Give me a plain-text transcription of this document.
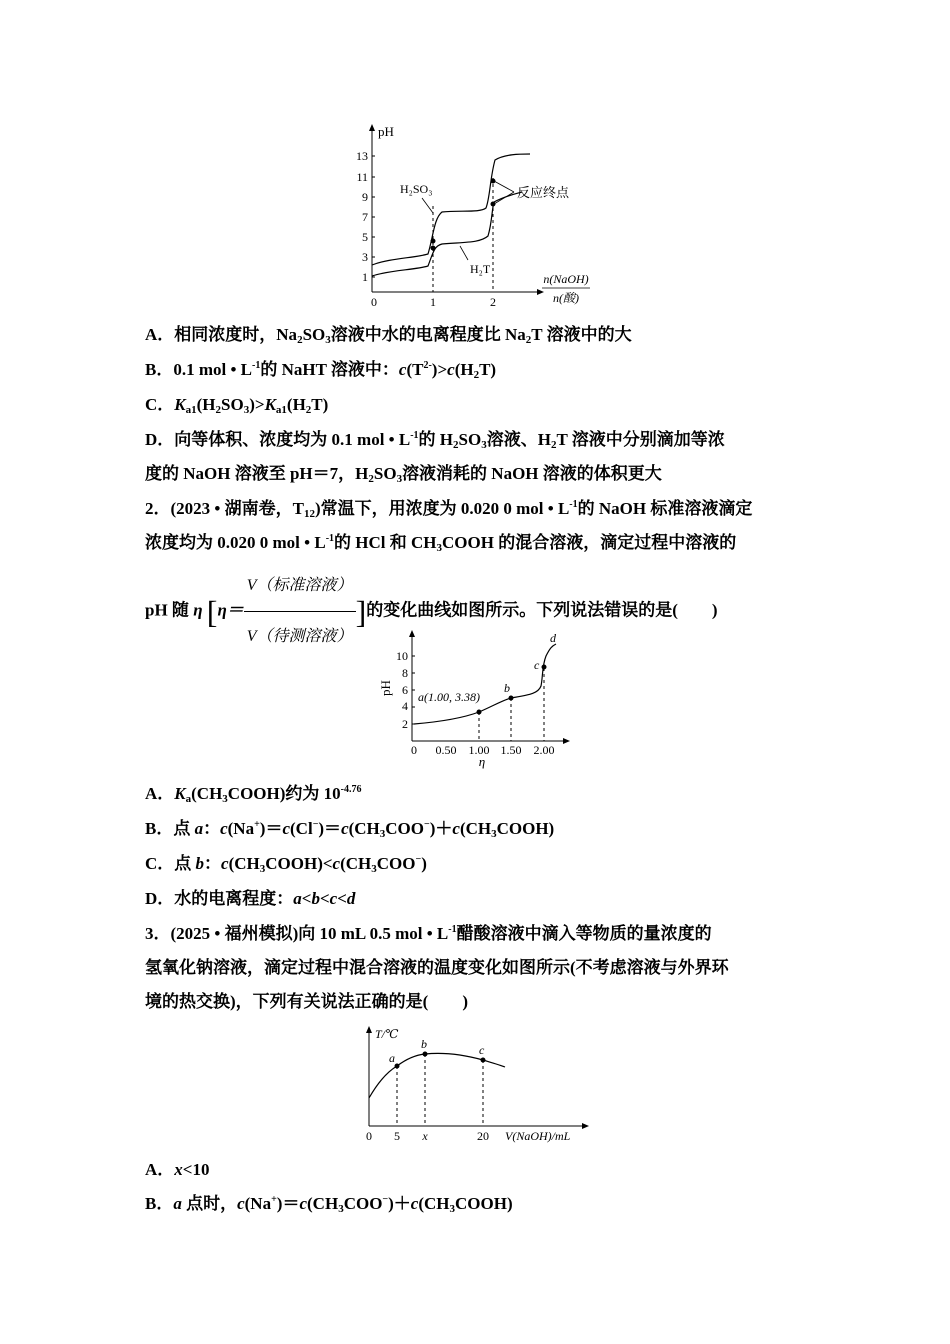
pH
1
3
5
7
9
11
13
0	1	2
H₂SO₃
H₂T
反应终点
n(NaOH)
n(酸)
A．相同浓度时，$Na_2SO_3$溶液中水的电离程度比 $Na_2T$ 溶液中的大
B．0.1 mol • $L^{-1}$的 NaHT 溶液中：$c(T^{2-})>c(H_2T)$
C．$K_{a1}(H_2SO_3)>K_{a1}(H_2T)$
D．向等体积、浓度均为 0.1 mol • $L^{-1}$的 $H_2SO_3$溶液、$H_2T$ 溶液中分别滴加等浓
度的 NaOH 溶液至 pH＝7，$H_2SO_3$溶液消耗的 NaOH 溶液的体积更大
2．(2023 • 湖南卷，$T_{12}$)常温下，用浓度为 0.020 0 mol • $L^{-1}$的 NaOH 标准溶液滴定
浓度均为 0.020 0 mol • $L^{-1}$的 HCl 和 $CH_3COOH$ 的混合溶液，滴定过程中溶液的
pH 随 η [$\eta= \frac{\text{V（标准溶液）}}{\text{V（待测溶液）}}$ ]的变化曲线如图所示。下列说法错误的是(　　)
pH
2
4
6
8
10
0 0.50 1.00 1.50 2.00
η
a(1.00, 3.38)
b
c
d
A．$K_a(CH_3COOH)$约为 $10^{-4.76}$
B．点 a：$c(Na^+)=c(Cl^-)=c(CH_3COO^-)+c(CH_3COOH)$
C．点 b：$c(CH_3COOH)<c(CH_3COO^-)$
D．水的电离程度：a<b<c<d
3．(2025 • 福州模拟)向 10 mL 0.5 mol • $L^{-1}$醋酸溶液中滴入等物质的量浓度的
氢氧化钠溶液，滴定过程中混合溶液的温度变化如图所示(不考虑溶液与外界环
境的热交换)，下列有关说法正确的是(　　)
T/℃
a
b	c
0 5 x	20 V(NaOH)/mL
A．x<10
B．a 点时，$c(Na^+)=c(CH_3COO^-)+c(CH_3COOH)$
